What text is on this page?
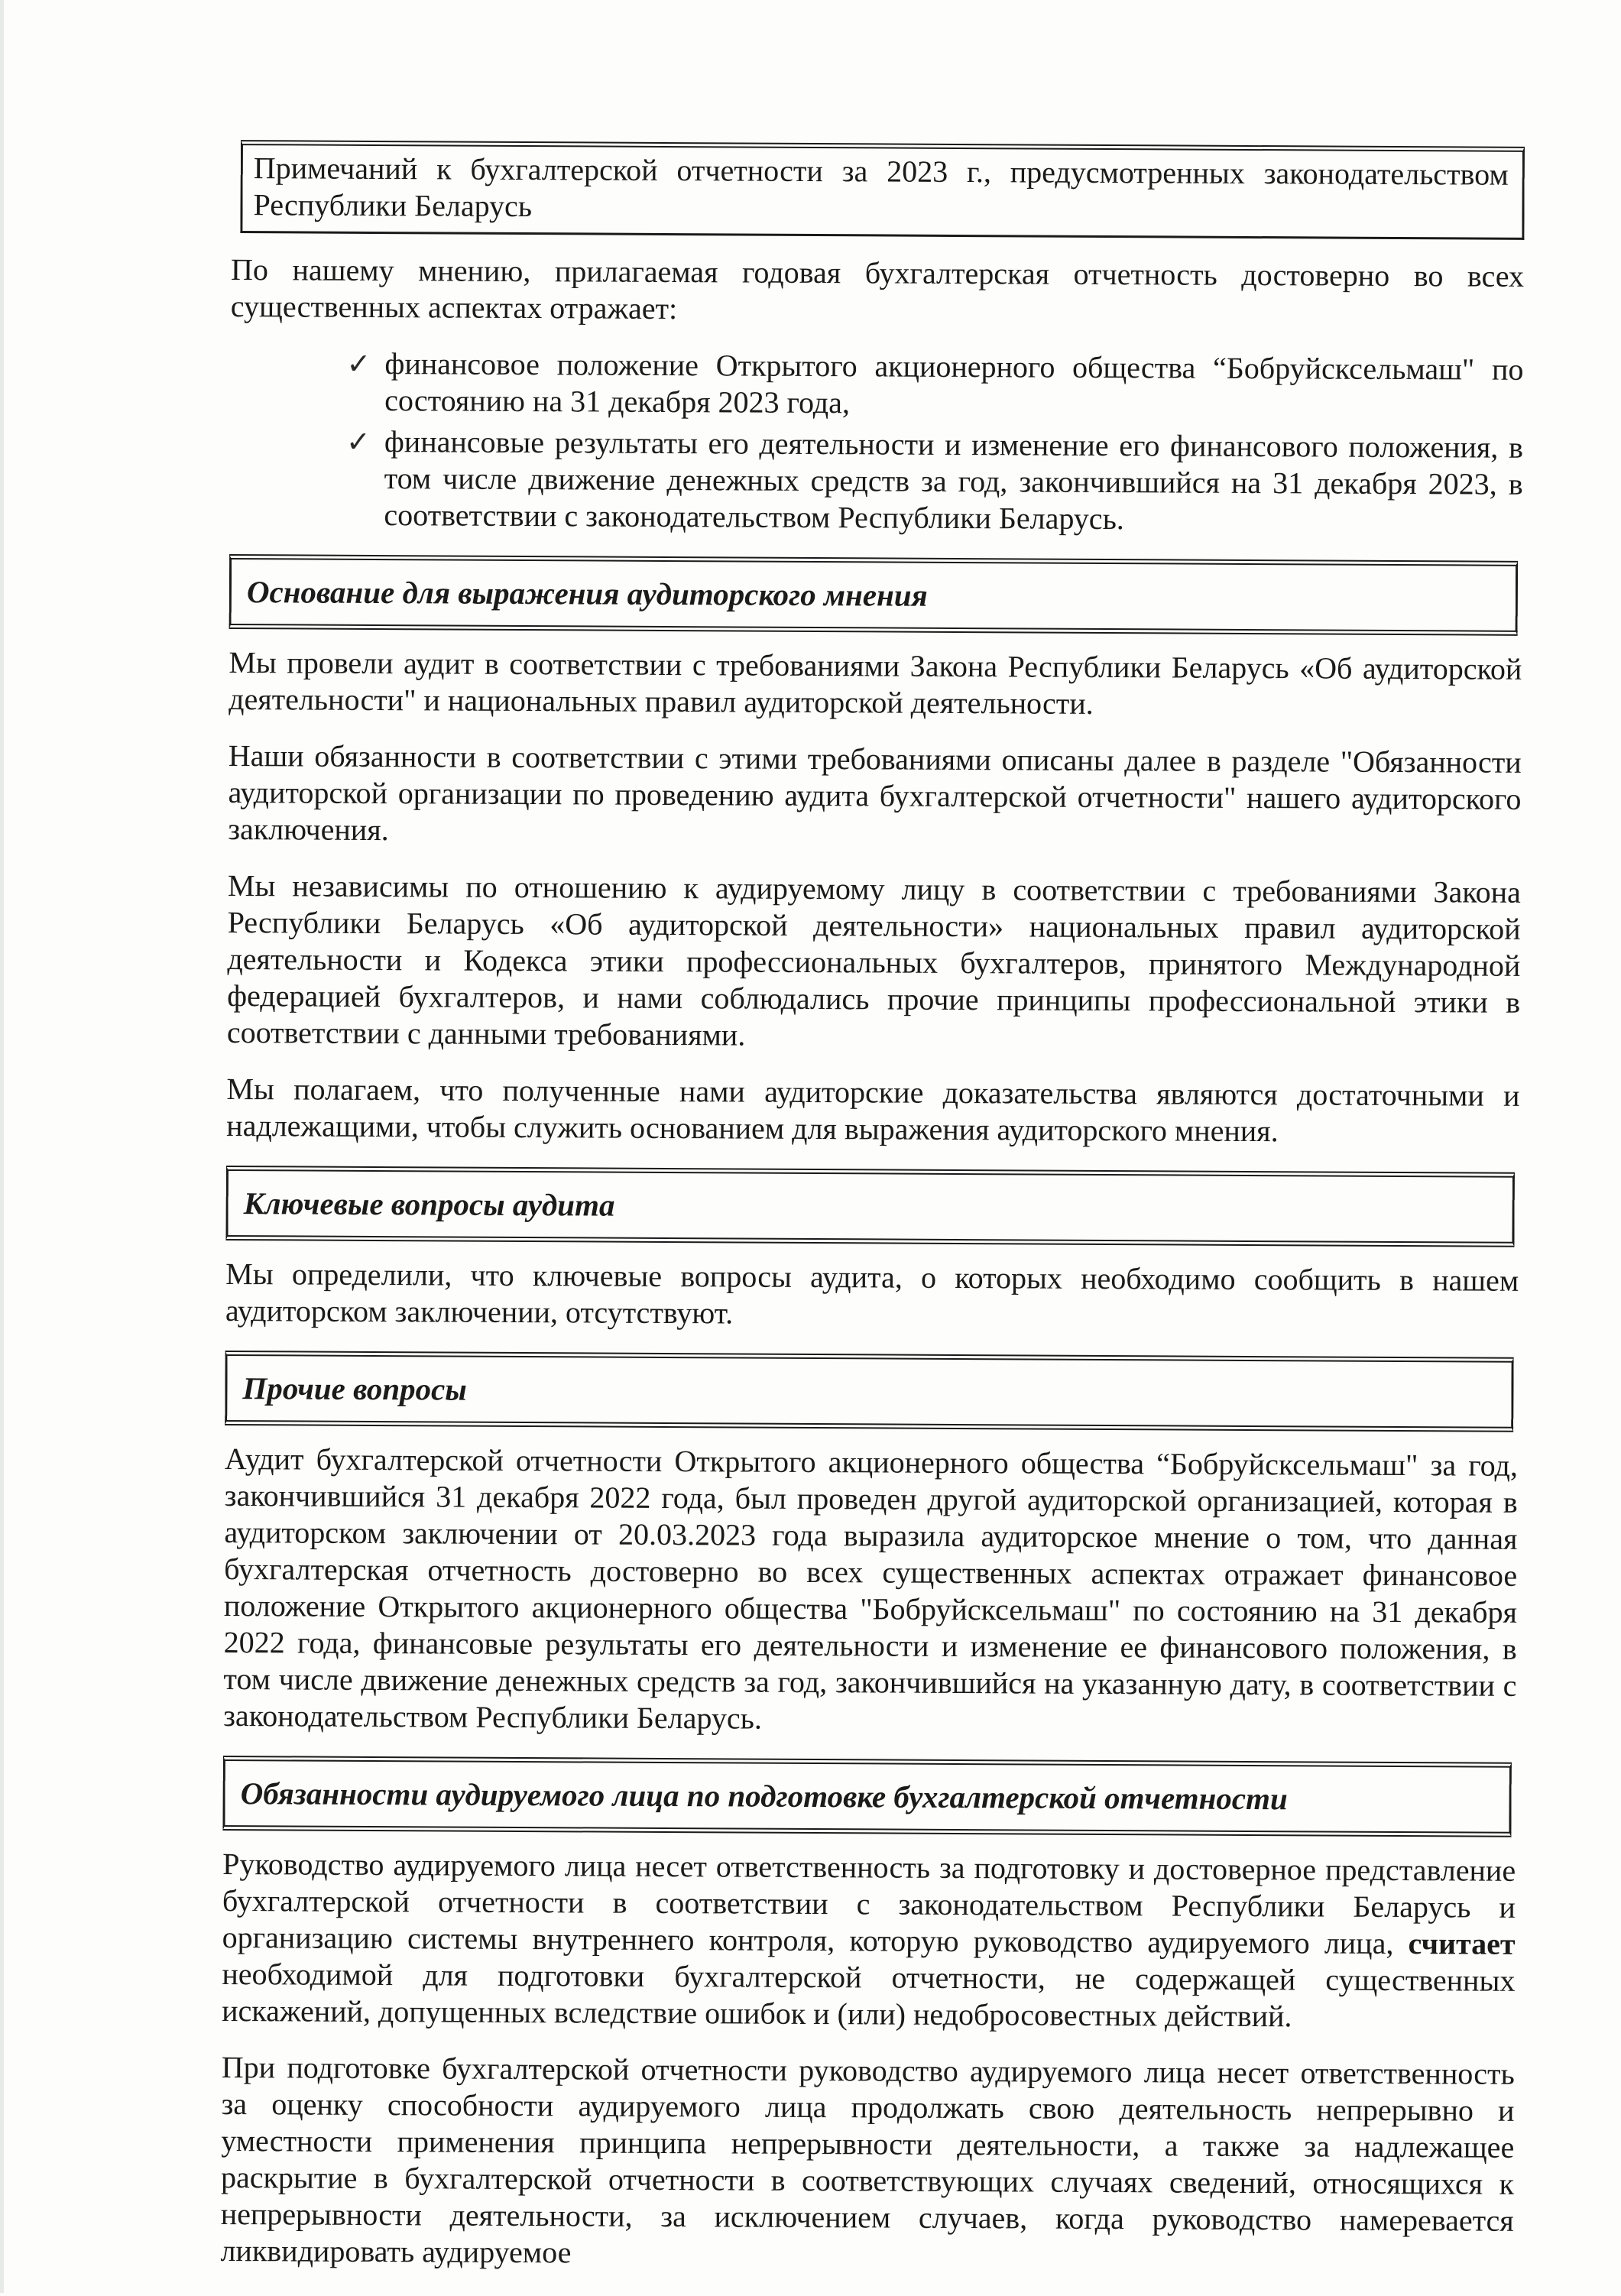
Примечаний к бухгалтерской отчетности за 2023 г., предусмотренных законодательством Республики Беларусь

По нашему мнению, прилагаемая годовая бухгалтерская отчетность достоверно во всех существенных аспектах отражает:

✓ финансовое положение Открытого акционерного общества “Бобруйсксельмаш" по состоянию на 31 декабря 2023 года,
✓ финансовые результаты его деятельности и изменение его финансового положения, в том числе движение денежных средств за год, закончившийся на 31 декабря 2023, в соответствии с законодательством Республики Беларусь.
Основание для выражения аудиторского мнения

Мы провели аудит в соответствии с требованиями Закона Республики Беларусь «Об аудиторской деятельности" и национальных правил аудиторской деятельности.

Наши обязанности в соответствии с этими требованиями описаны далее в разделе "Обязанности аудиторской организации по проведению аудита бухгалтерской отчетности" нашего аудиторского заключения.

Мы независимы по отношению к аудируемому лицу в соответствии с требованиями Закона Республики Беларусь «Об аудиторской деятельности» национальных правил аудиторской деятельности и Кодекса этики профессиональных бухгалтеров, принятого Международной федерацией бухгалтеров, и нами соблюдались прочие принципы профессиональной этики в соответствии с данными требованиями.

Мы полагаем, что полученные нами аудиторские доказательства являются достаточными и надлежащими, чтобы служить основанием для выражения аудиторского мнения.

Ключевые вопросы аудита

Мы определили, что ключевые вопросы аудита, о которых необходимо сообщить в нашем аудиторском заключении, отсутствуют.

Прочие вопросы

Аудит бухгалтерской отчетности Открытого акционерного общества “Бобруйсксельмаш" за год, закончившийся 31 декабря 2022 года, был проведен другой аудиторской организацией, которая в аудиторском заключении от 20.03.2023 года выразила аудиторское мнение о том, что данная бухгалтерская отчетность достоверно во всех существенных аспектах отражает финансовое положение Открытого акционерного общества "Бобруйсксельмаш" по состоянию на 31 декабря 2022 года, финансовые результаты его деятельности и изменение ее финансового положения, в том числе движение денежных средств за год, закончившийся на указанную дату, в соответствии с законодательством Республики Беларусь.

Обязанности аудируемого лица по подготовке бухгалтерской отчетности

Руководство аудируемого лица несет ответственность за подготовку и достоверное представление бухгалтерской отчетности в соответствии с законодательством Республики Беларусь и организацию системы внутреннего контроля, которую руководство аудируемого лица, считает необходимой для подготовки бухгалтерской отчетности, не содержащей существенных искажений, допущенных вследствие ошибок и (или) недобросовестных действий.

При подготовке бухгалтерской отчетности руководство аудируемого лица несет ответственность за оценку способности аудируемого лица продолжать свою деятельность непрерывно и уместности применения принципа непрерывности деятельности, а также за надлежащее раскрытие в бухгалтерской отчетности в соответствующих случаях сведений, относящихся к непрерывности деятельности, за исключением случаев, когда руководство намеревается ликвидировать аудируемое
